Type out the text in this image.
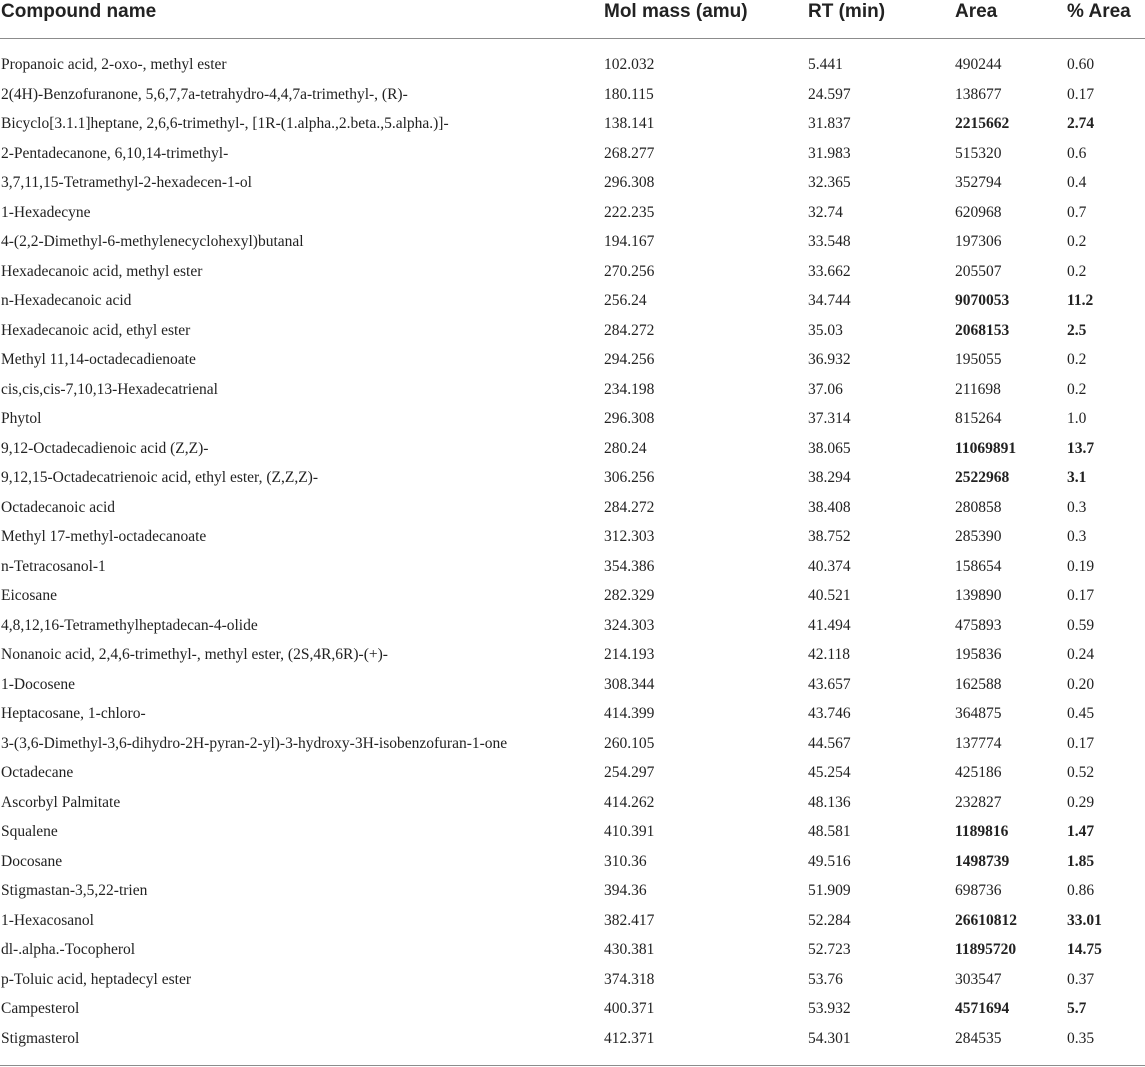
Compound name	Mol mass (amu)	RT (min)	Area	% Area
Propanoic acid, 2-oxo-, methyl ester	102.032	5.441	490244	0.60
2(4H)-Benzofuranone, 5,6,7,7a-tetrahydro-4,4,7a-trimethyl-, (R)-	180.115	24.597	138677	0.17
Bicyclo[3.1.1]heptane, 2,6,6-trimethyl-, [1R-(1.alpha.,2.beta.,5.alpha.)]-	138.141	31.837	2215662	2.74
2-Pentadecanone, 6,10,14-trimethyl-	268.277	31.983	515320	0.6
3,7,11,15-Tetramethyl-2-hexadecen-1-ol	296.308	32.365	352794	0.4
1-Hexadecyne	222.235	32.74	620968	0.7
4-(2,2-Dimethyl-6-methylenecyclohexyl)butanal	194.167	33.548	197306	0.2
Hexadecanoic acid, methyl ester	270.256	33.662	205507	0.2
n-Hexadecanoic acid	256.24	34.744	9070053	11.2
Hexadecanoic acid, ethyl ester	284.272	35.03	2068153	2.5
Methyl 11,14-octadecadienoate	294.256	36.932	195055	0.2
cis,cis,cis-7,10,13-Hexadecatrienal	234.198	37.06	211698	0.2
Phytol	296.308	37.314	815264	1.0
9,12-Octadecadienoic acid (Z,Z)-	280.24	38.065	11069891	13.7
9,12,15-Octadecatrienoic acid, ethyl ester, (Z,Z,Z)-	306.256	38.294	2522968	3.1
Octadecanoic acid	284.272	38.408	280858	0.3
Methyl 17-methyl-octadecanoate	312.303	38.752	285390	0.3
n-Tetracosanol-1	354.386	40.374	158654	0.19
Eicosane	282.329	40.521	139890	0.17
4,8,12,16-Tetramethylheptadecan-4-olide	324.303	41.494	475893	0.59
Nonanoic acid, 2,4,6-trimethyl-, methyl ester, (2S,4R,6R)-(+)-	214.193	42.118	195836	0.24
1-Docosene	308.344	43.657	162588	0.20
Heptacosane, 1-chloro-	414.399	43.746	364875	0.45
3-(3,6-Dimethyl-3,6-dihydro-2H-pyran-2-yl)-3-hydroxy-3H-isobenzofuran-1-one	260.105	44.567	137774	0.17
Octadecane	254.297	45.254	425186	0.52
Ascorbyl Palmitate	414.262	48.136	232827	0.29
Squalene	410.391	48.581	1189816	1.47
Docosane	310.36	49.516	1498739	1.85
Stigmastan-3,5,22-trien	394.36	51.909	698736	0.86
1-Hexacosanol	382.417	52.284	26610812	33.01
dl-.alpha.-Tocopherol	430.381	52.723	11895720	14.75
p-Toluic acid, heptadecyl ester	374.318	53.76	303547	0.37
Campesterol	400.371	53.932	4571694	5.7
Stigmasterol	412.371	54.301	284535	0.35
